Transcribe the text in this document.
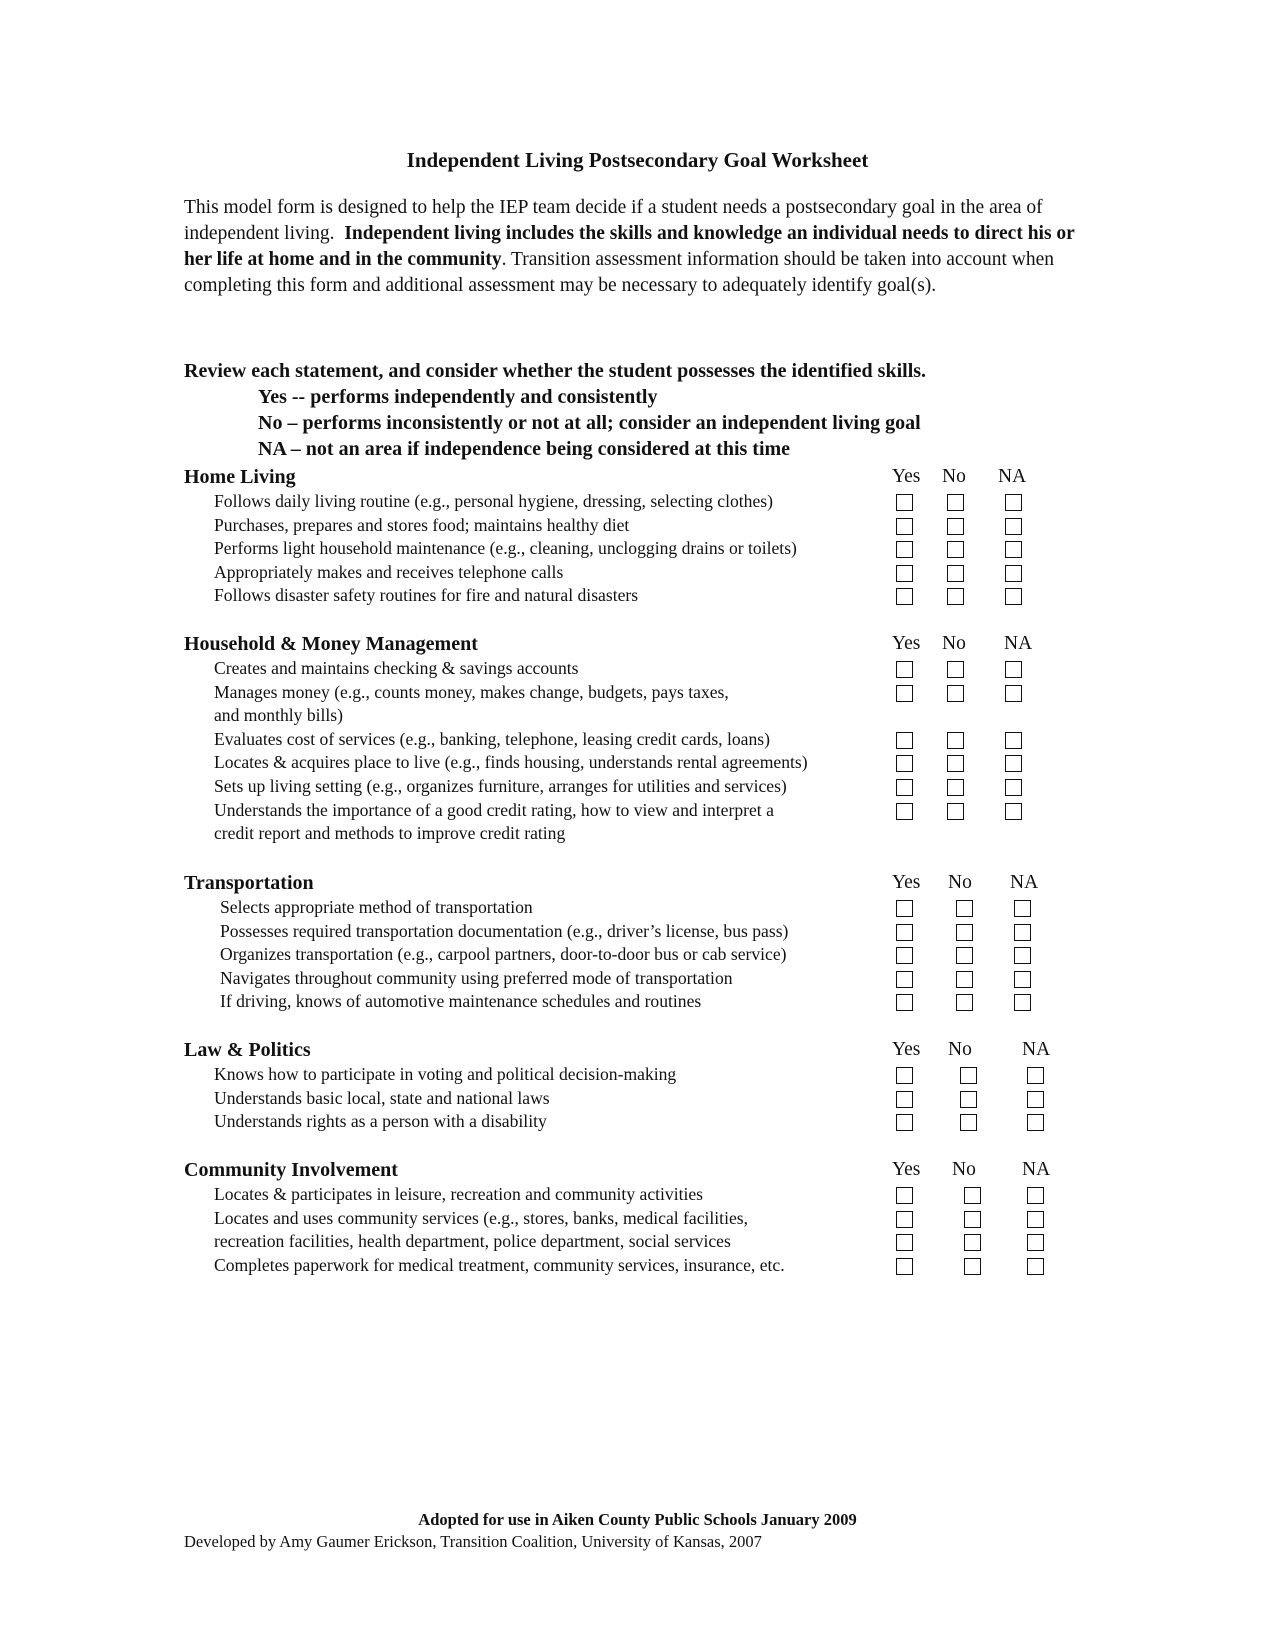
Independent Living Postsecondary Goal Worksheet
This model form is designed to help the IEP team decide if a student needs a postsecondary goal in the area of independent living. Independent living includes the skills and knowledge an individual needs to direct his or her life at home and in the community. Transition assessment information should be taken into account when completing this form and additional assessment may be necessary to adequately identify goal(s).
Review each statement, and consider whether the student possesses the identified skills.
Yes -- performs independently and consistently
No – performs inconsistently or not at all; consider an independent living goal
NA – not an area if independence being considered at this time
Home Living	Yes No NA
Follows daily living routine (e.g., personal hygiene, dressing, selecting clothes)
Purchases, prepares and stores food; maintains healthy diet
Performs light household maintenance (e.g., cleaning, unclogging drains or toilets)
Appropriately makes and receives telephone calls
Follows disaster safety routines for fire and natural disasters
Household & Money Management	Yes No NA
Creates and maintains checking & savings accounts
Manages money (e.g., counts money, makes change, budgets, pays taxes,
and monthly bills)
Evaluates cost of services (e.g., banking, telephone, leasing credit cards, loans)
Locates & acquires place to live (e.g., finds housing, understands rental agreements)
Sets up living setting (e.g., organizes furniture, arranges for utilities and services)
Understands the importance of a good credit rating, how to view and interpret a
credit report and methods to improve credit rating
Transportation	Yes No NA
Selects appropriate method of transportation
Possesses required transportation documentation (e.g., driver’s license, bus pass)
Organizes transportation (e.g., carpool partners, door-to-door bus or cab service)
Navigates throughout community using preferred mode of transportation
If driving, knows of automotive maintenance schedules and routines
Law & Politics	Yes No	NA
Knows how to participate in voting and political decision-making
Understands basic local, state and national laws
Understands rights as a person with a disability
Community Involvement	Yes No NA
Locates & participates in leisure, recreation and community activities
Locates and uses community services (e.g., stores, banks, medical facilities,
recreation facilities, health department, police department, social services
Completes paperwork for medical treatment, community services, insurance, etc.
Adopted for use in Aiken County Public Schools January 2009
Developed by Amy Gaumer Erickson, Transition Coalition, University of Kansas, 2007
